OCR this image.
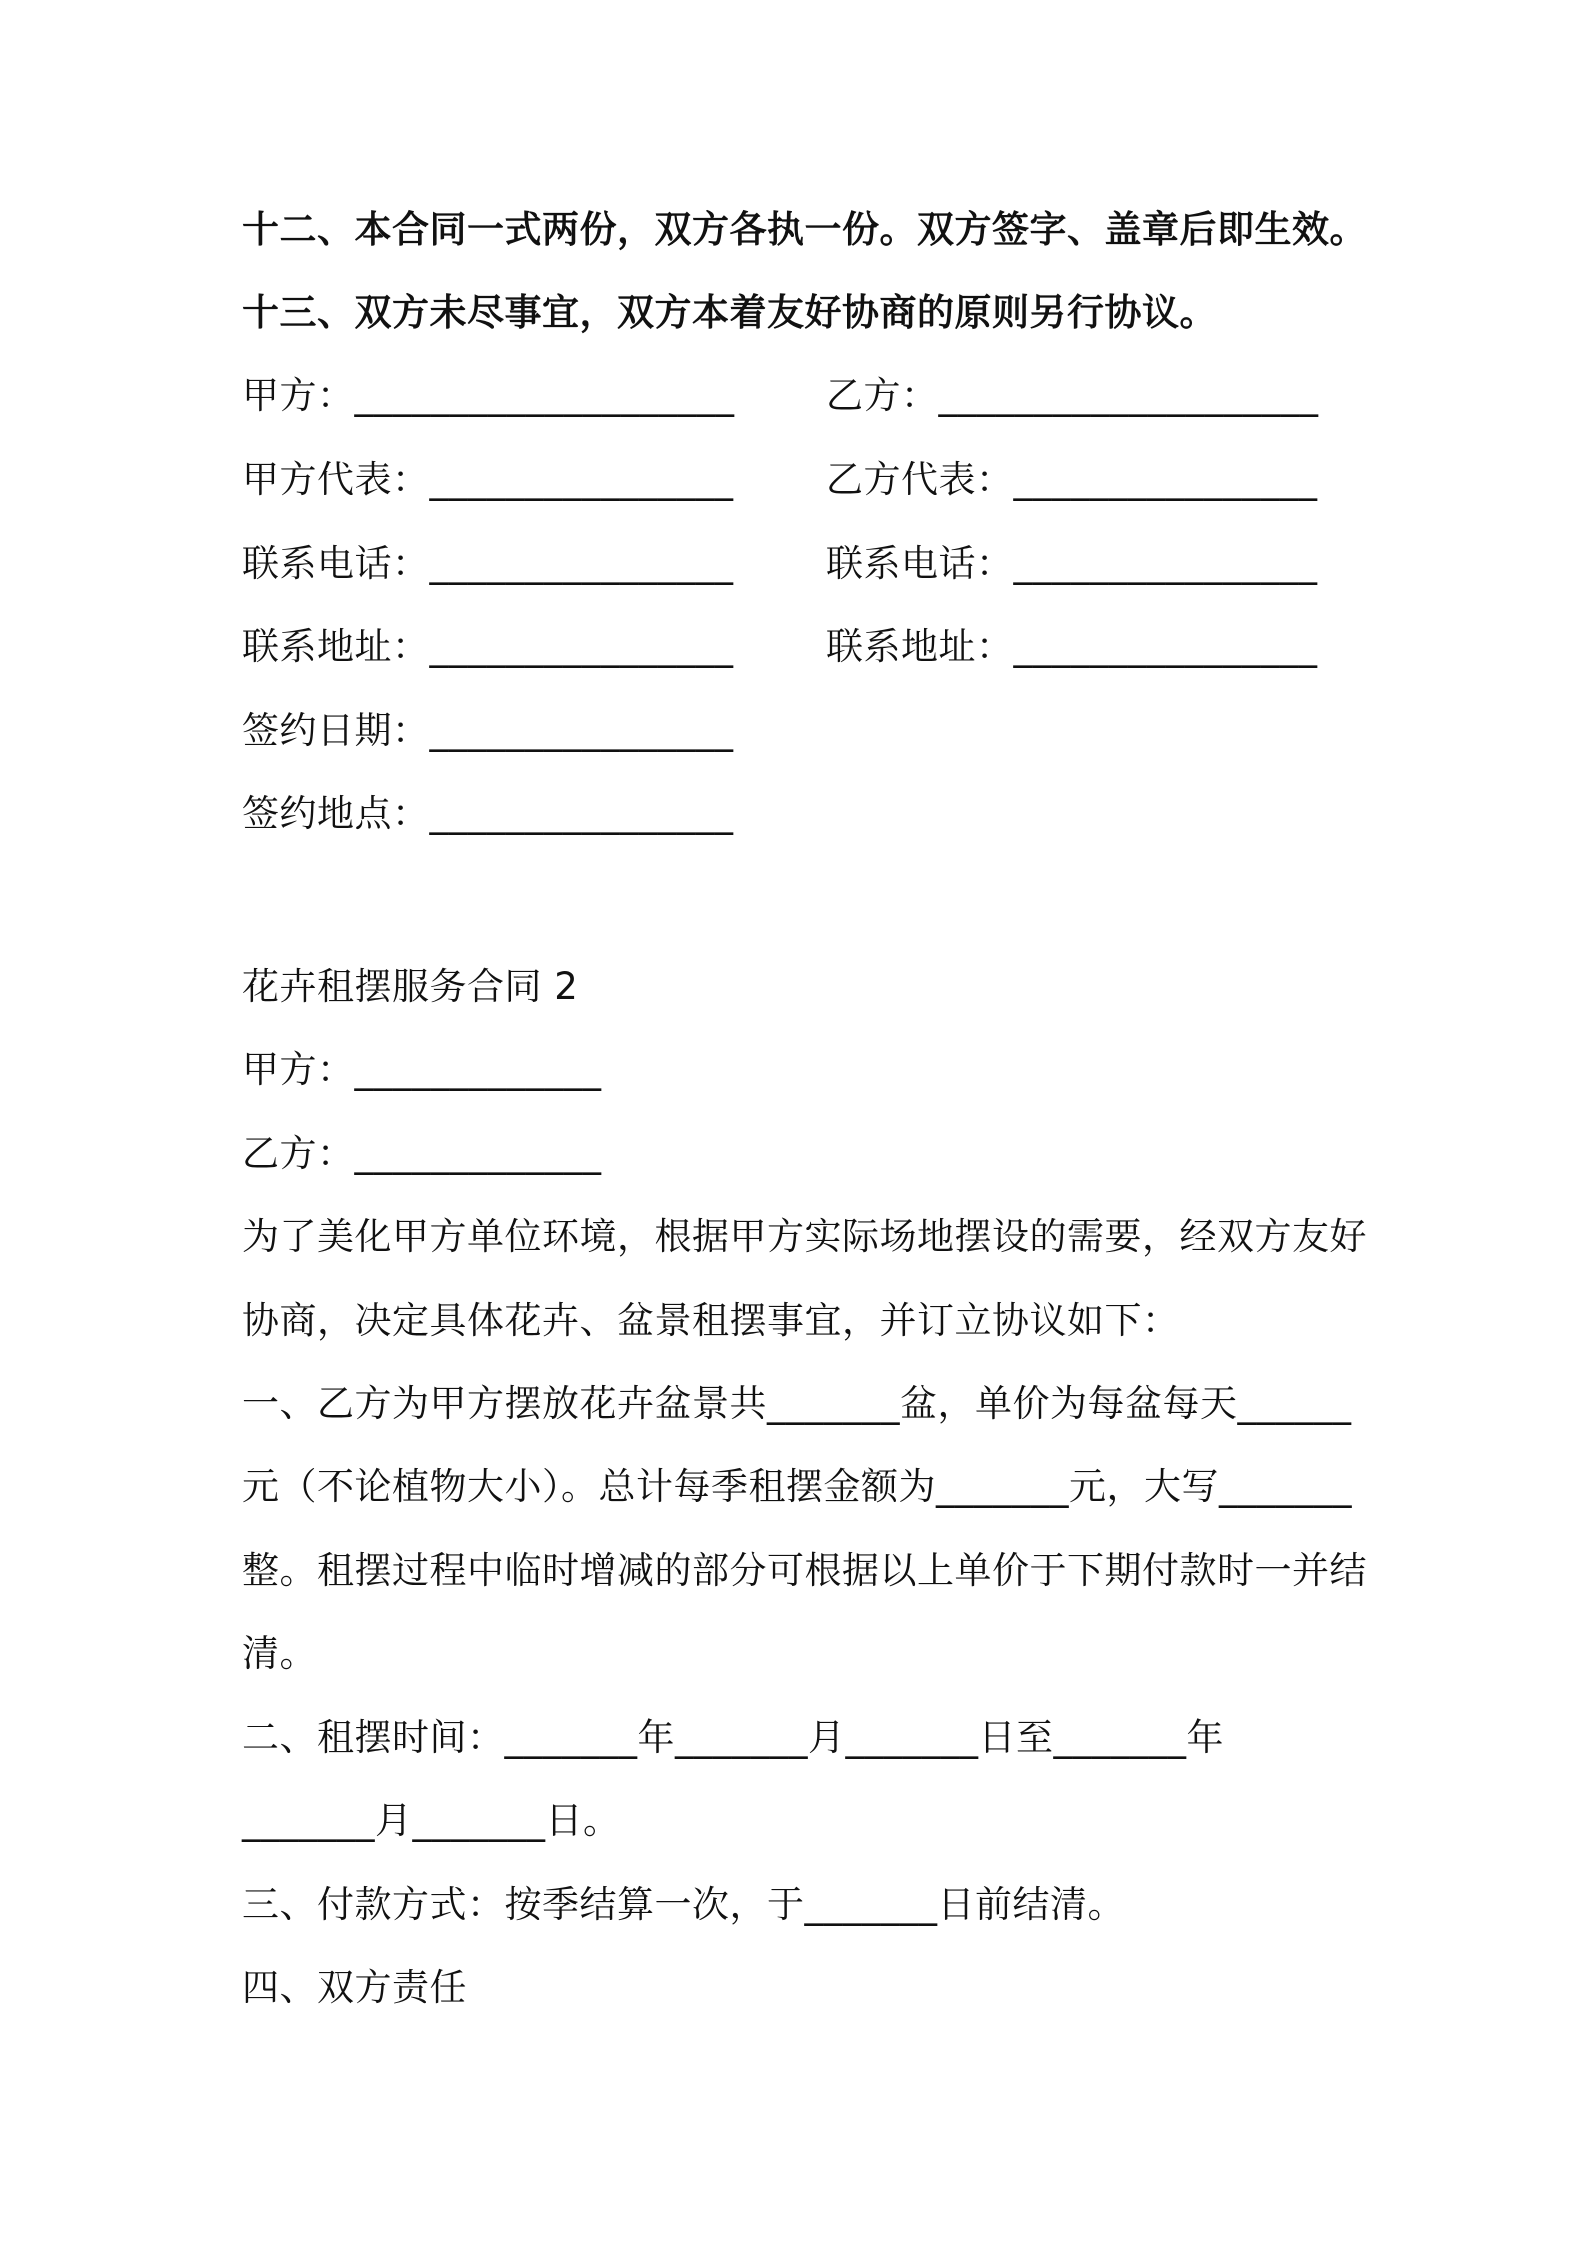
十二、本合同一式两份，双方各执一份。双方签字、盖章后即生效。
十三、双方未尽事宜，双方本着友好协商的原则另行协议。
甲方：____________________ 乙方：____________________
甲方代表：________________	乙方代表：________________
联系电话：________________	联系电话：________________
联系地址：________________	联系地址：________________
签约日期：________________
签约地点：________________
花卉租摆服务合同 2
甲方：_____________
乙方：_____________
为了美化甲方单位环境，根据甲方实际场地摆设的需要，经双方友好
协商，决定具体花卉、盆景租摆事宜，并订立协议如下：
一、乙方为甲方摆放花卉盆景共_______盆，单价为每盆每天______
元（不论植物大小）。总计每季租摆金额为_______元，大写_______
整。租摆过程中临时增减的部分可根据以上单价于下期付款时一并结
清。
二、租摆时间：_______年_______月_______日至_______年
_______月_______日。
三、付款方式：按季结算一次，于_______日前结清。
四、双方责任
